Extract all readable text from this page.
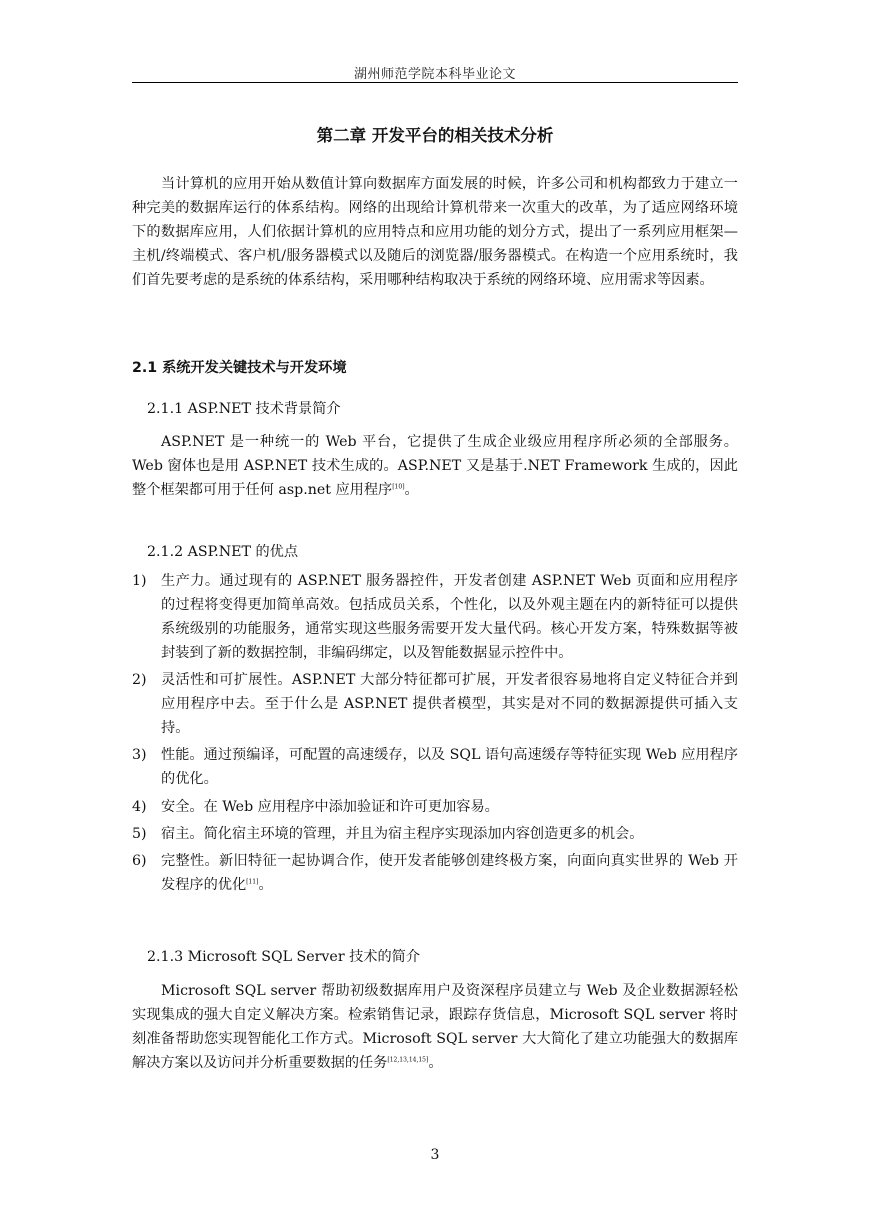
湖州师范学院本科毕业论文
第二章 开发平台的相关技术分析

当计算机的应用开始从数值计算向数据库方面发展的时候，许多公司和机构都致力于建立一种完美的数据库运行的体系结构。网络的出现给计算机带来一次重大的改革，为了适应网络环境下的数据库应用，人们依据计算机的应用特点和应用功能的划分方式，提出了一系列应用框架—主机/终端模式、客户机/服务器模式以及随后的浏览器/服务器模式。在构造一个应用系统时，我们首先要考虑的是系统的体系结构，采用哪种结构取决于系统的网络环境、应用需求等因素。

2.1 系统开发关键技术与开发环境
2.1.1 ASP.NET 技术背景简介

ASP.NET 是一种统一的 Web 平台，它提供了生成企业级应用程序所必须的全部服务。Web 窗体也是用 ASP.NET 技术生成的。ASP.NET 又是基于.NET Framework 生成的，因此整个框架都可用于任何 asp.net 应用程序[10]。

2.1.2 ASP.NET 的优点
1) 生产力。通过现有的 ASP.NET 服务器控件，开发者创建 ASP.NET Web 页面和应用程序的过程将变得更加简单高效。包括成员关系，个性化，以及外观主题在内的新特征可以提供系统级别的功能服务，通常实现这些服务需要开发大量代码。核心开发方案，特殊数据等被封装到了新的数据控制，非编码绑定，以及智能数据显示控件中。
2) 灵活性和可扩展性。ASP.NET 大部分特征都可扩展，开发者很容易地将自定义特征合并到应用程序中去。至于什么是 ASP.NET 提供者模型，其实是对不同的数据源提供可插入支持。
3) 性能。通过预编译，可配置的高速缓存，以及 SQL 语句高速缓存等特征实现 Web 应用程序的优化。
4) 安全。在 Web 应用程序中添加验证和许可更加容易。
5) 宿主。简化宿主环境的管理，并且为宿主程序实现添加内容创造更多的机会。
6) 完整性。新旧特征一起协调合作，使开发者能够创建终极方案，向面向真实世界的 Web 开发程序的优化[11]。
2.1.3 Microsoft SQL Server 技术的简介

Microsoft SQL server 帮助初级数据库用户及资深程序员建立与 Web 及企业数据源轻松实现集成的强大自定义解决方案。检索销售记录，跟踪存货信息，Microsoft SQL server 将时刻准备帮助您实现智能化工作方式。Microsoft SQL server 大大简化了建立功能强大的数据库解决方案以及访问并分析重要数据的任务[12,13,14,15]。

3
